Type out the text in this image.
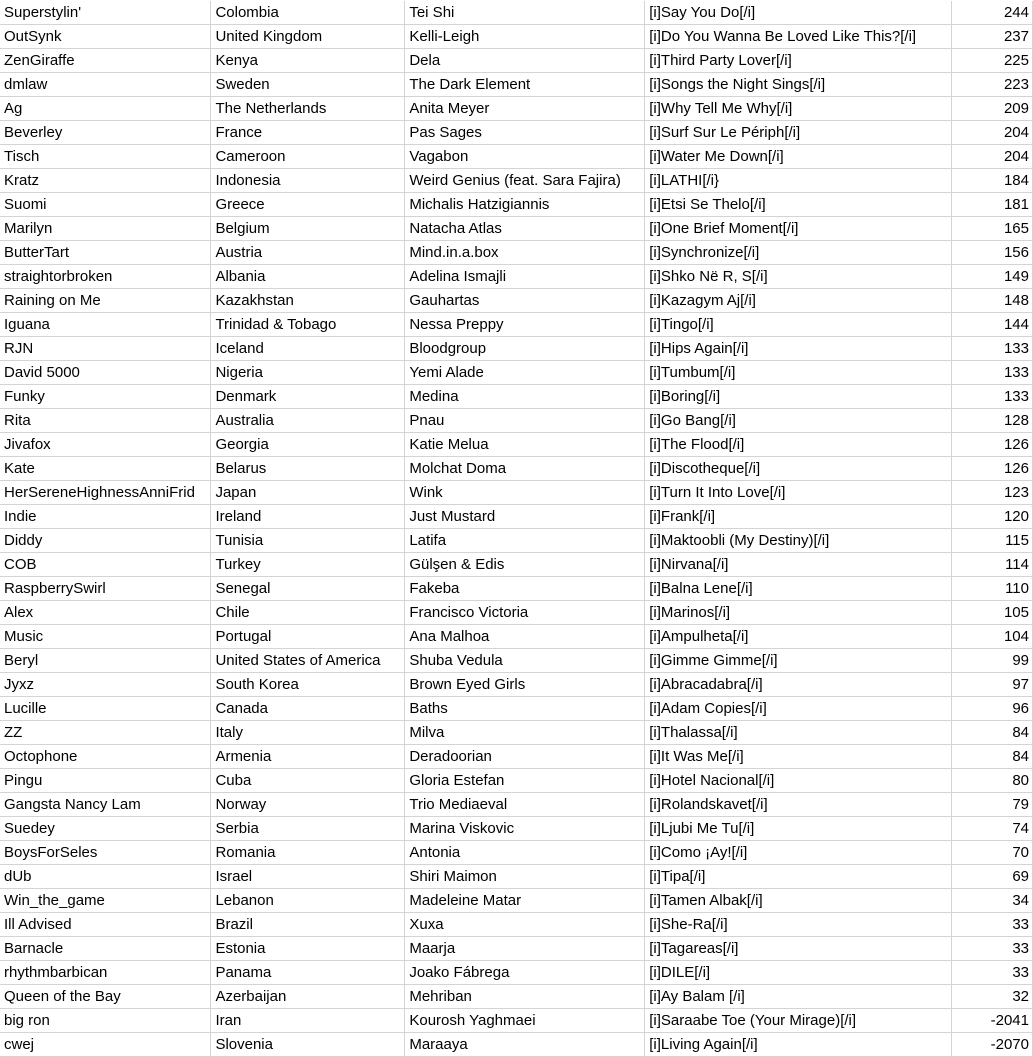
Superstylin'	Colombia	Tei Shi	[i]Say You Do[/i]	244
OutSynk	United Kingdom	Kelli-Leigh	[i]Do You Wanna Be Loved Like This?[/i]	237
ZenGiraffe	Kenya	Dela	[i]Third Party Lover[/i]	225
dmlaw	Sweden	The Dark Element	[i]Songs the Night Sings[/i]	223
Ag	The Netherlands	Anita Meyer	[i]Why Tell Me Why[/i]	209
Beverley	France	Pas Sages	[i]Surf Sur Le Périph[/i]	204
Tisch	Cameroon	Vagabon	[i]Water Me Down[/i]	204
Kratz	Indonesia	Weird Genius (feat. Sara Fajira)	[i]LATHI[/i}	184
Suomi	Greece	Michalis Hatzigiannis	[i]Etsi Se Thelo[/i]	181
Marilyn	Belgium	Natacha Atlas	[i]One Brief Moment[/i]	165
ButterTart	Austria	Mind.in.a.box	[i]Synchronize[/i]	156
straightorbroken	Albania	Adelina Ismajli	[i]Shko Në R, S[/i]	149
Raining on Me	Kazakhstan	Gauhartas	[i]Kazagym Aj[/i]	148
Iguana	Trinidad & Tobago	Nessa Preppy	[i]Tingo[/i]	144
RJN	Iceland	Bloodgroup	[i]Hips Again[/i]	133
David 5000	Nigeria	Yemi Alade	[i]Tumbum[/i]	133
Funky	Denmark	Medina	[i]Boring[/i]	133
Rita	Australia	Pnau	[i]Go Bang[/i]	128
Jivafox	Georgia	Katie Melua	[i]The Flood[/i]	126
Kate	Belarus	Molchat Doma	[i]Discotheque[/i]	126
HerSereneHighnessAnniFrid	Japan	Wink	[i]Turn It Into Love[/i]	123
Indie	Ireland	Just Mustard	[i]Frank[/i]	120
Diddy	Tunisia	Latifa	[i]Maktoobli (My Destiny)[/i]	115
COB	Turkey	Gülşen & Edis	[i]Nirvana[/i]	114
RaspberrySwirl	Senegal	Fakeba	[i]Balna Lene[/i]	110
Alex	Chile	Francisco Victoria	[i]Marinos[/i]	105
Music	Portugal	Ana Malhoa	[i]Ampulheta[/i]	104
Beryl	United States of America	Shuba Vedula	[i]Gimme Gimme[/i]	99
Jyxz	South Korea	Brown Eyed Girls	[i]Abracadabra[/i]	97
Lucille	Canada	Baths	[i]Adam Copies[/i]	96
ZZ	Italy	Milva	[i]Thalassa[/i]	84
Octophone	Armenia	Deradoorian	[i]It Was Me[/i]	84
Pingu	Cuba	Gloria Estefan	[i]Hotel Nacional[/i]	80
Gangsta Nancy Lam	Norway	Trio Mediaeval	[i]Rolandskavet[/i]	79
Suedey	Serbia	Marina Viskovic	[i]Ljubi Me Tu[/i]	74
BoysForSeles	Romania	Antonia	[i]Como ¡Ay![/i]	70
dUb	Israel	Shiri Maimon	[i]Tipa[/i]	69
Win_the_game	Lebanon	Madeleine Matar	[i]Tamen Albak[/i]	34
Ill Advised	Brazil	Xuxa	[i]She-Ra[/i]	33
Barnacle	Estonia	Maarja	[i]Tagareas[/i]	33
rhythmbarbican	Panama	Joako Fábrega	[i]DILE[/i]	33
Queen of the Bay	Azerbaijan	Mehriban	[i]Ay Balam [/i]	32
big ron	Iran	Kourosh Yaghmaei	[i]Saraabe Toe (Your Mirage)[/i]	-2041
cwej	Slovenia	Maraaya	[i]Living Again[/i]	-2070
